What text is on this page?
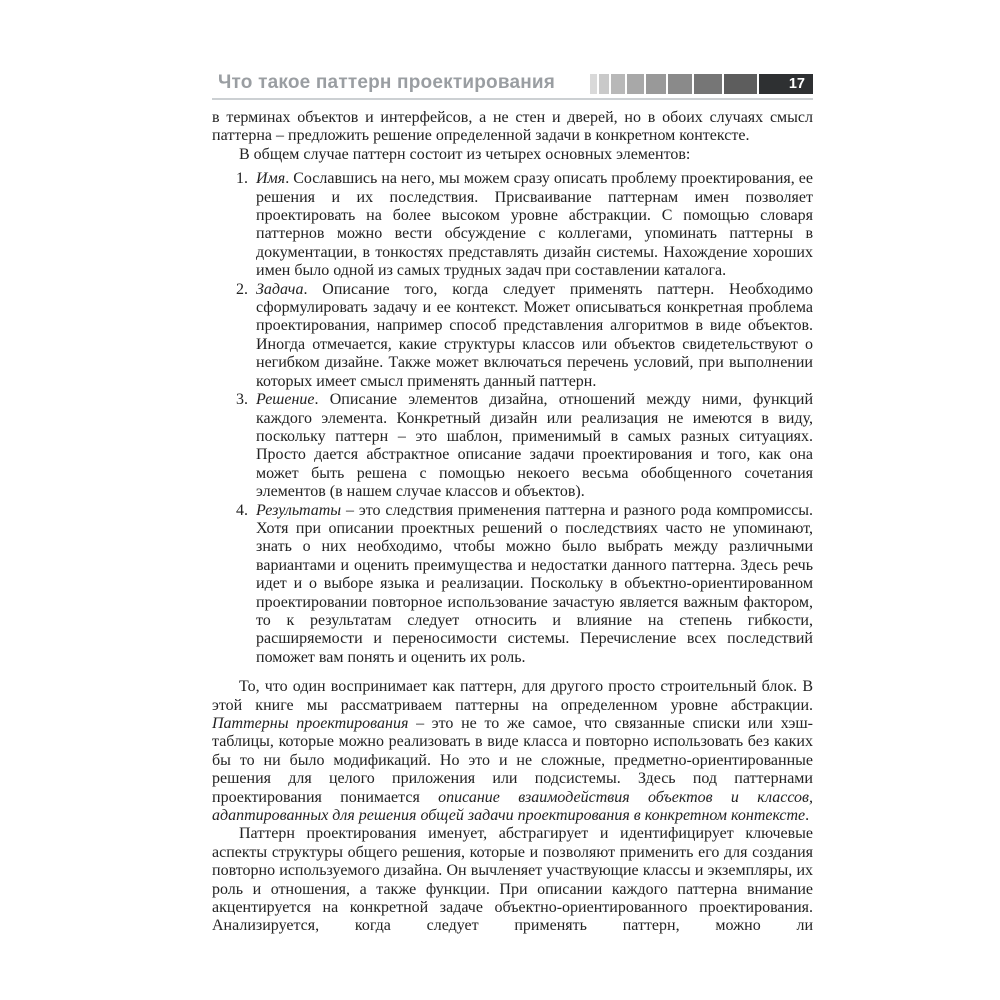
Что такое паттерн проектирования	17

в терминах объектов и интерфейсов, а не стен и дверей, но в обоих случаях смысл паттерна – предложить решение определенной задачи в конкретном контексте.

В общем случае паттерн состоит из четырех основных элементов:

1. Имя. Сославшись на него, мы можем сразу описать проблему проектирования, ее решения и их последствия. Присваивание паттернам имен позволяет проектировать на более высоком уровне абстракции. С помощью словаря паттернов можно вести обсуждение с коллегами, упоминать паттерны в документации, в тонкостях представлять дизайн системы. Нахождение хороших имен было одной из самых трудных задач при составлении каталога.
2. Задача. Описание того, когда следует применять паттерн. Необходимо сформулировать задачу и ее контекст. Может описываться конкретная проблема проектирования, например способ представления алгоритмов в виде объектов. Иногда отмечается, какие структуры классов или объектов свидетельствуют о негибком дизайне. Также может включаться перечень условий, при выполнении которых имеет смысл применять данный паттерн.
3. Решение. Описание элементов дизайна, отношений между ними, функций каждого элемента. Конкретный дизайн или реализация не имеются в виду, поскольку паттерн – это шаблон, применимый в самых разных ситуациях. Просто дается абстрактное описание задачи проектирования и того, как она может быть решена с помощью некоего весьма обобщенного сочетания элементов (в нашем случае классов и объектов).
4. Результаты – это следствия применения паттерна и разного рода компромиссы. Хотя при описании проектных решений о последствиях часто не упоминают, знать о них необходимо, чтобы можно было выбрать между различными вариантами и оценить преимущества и недостатки данного паттерна. Здесь речь идет и о выборе языка и реализации. Поскольку в объектно-ориентированном проектировании повторное использование зачастую является важным фактором, то к результатам следует относить и влияние на степень гибкости, расширяемости и переносимости системы. Перечисление всех последствий поможет вам понять и оценить их роль.

То, что один воспринимает как паттерн, для другого просто строительный блок. В этой книге мы рассматриваем паттерны на определенном уровне абстракции. Паттерны проектирования – это не то же самое, что связанные списки или хэш-таблицы, которые можно реализовать в виде класса и повторно использовать без каких бы то ни было модификаций. Но это и не сложные, предметно-ориентированные решения для целого приложения или подсистемы. Здесь под паттернами проектирования понимается описание взаимодействия объектов и классов, адаптированных для решения общей задачи проектирования в конкретном контексте.

Паттерн проектирования именует, абстрагирует и идентифицирует ключевые аспекты структуры общего решения, которые и позволяют применить его для создания повторно используемого дизайна. Он вычленяет участвующие классы и экземпляры, их роль и отношения, а также функции. При описании каждого паттерна внимание акцентируется на конкретной задаче объектно-ориентированного проектирования. Анализируется, когда следует применять паттерн, можно ли
